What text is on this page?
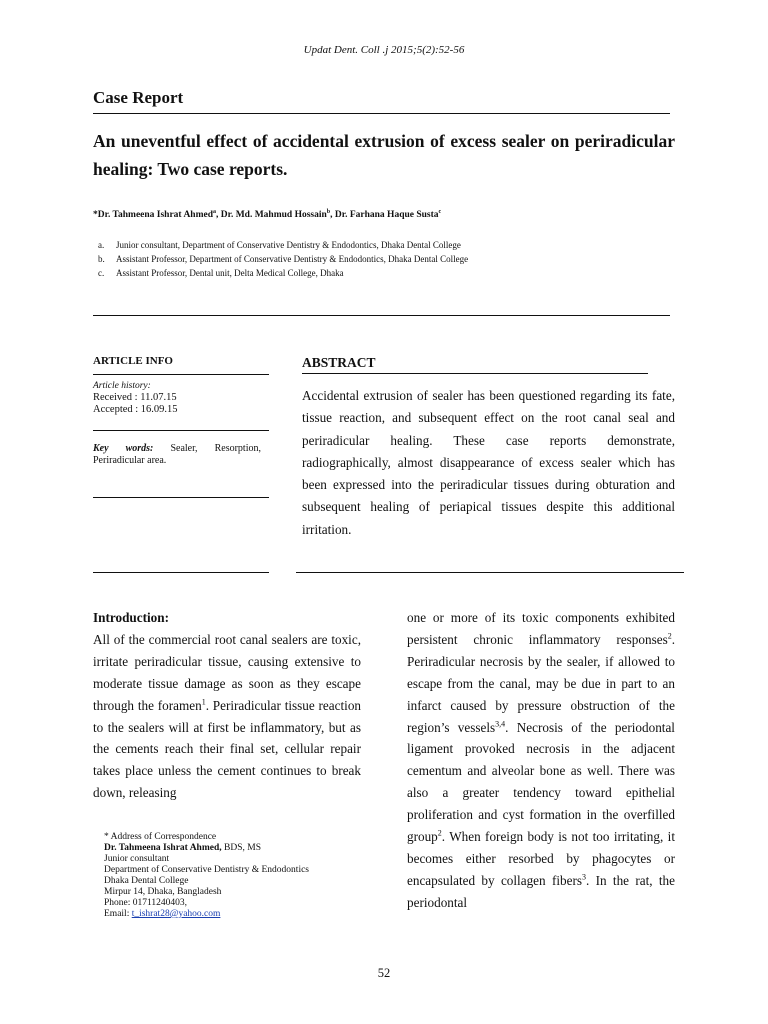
Updat Dent. Coll .j 2015;5(2):52-56
Case Report
An uneventful effect of accidental extrusion of excess sealer on periradicular healing: Two case reports.
*Dr. Tahmeena Ishrat Ahmed$^a$, Dr. Md. Mahmud Hossain$^b$, Dr. Farhana Haque Susta$^c$
a.	Junior consultant, Department of Conservative Dentistry & Endodontics, Dhaka Dental College
b.	Assistant Professor, Department of Conservative Dentistry & Endodontics, Dhaka Dental College
c.	Assistant Professor, Dental unit, Delta Medical College, Dhaka
ARTICLE INFO
Article history:
Received : 11.07.15
Accepted : 16.09.15
Key words: Sealer, Resorption, Periradicular area.
ABSTRACT

Accidental extrusion of sealer has been questioned regarding its fate, tissue reaction, and subsequent effect on the root canal seal and periradicular healing. These case reports demonstrate, radiographically, almost disappearance of excess sealer which has been expressed into the periradicular tissues during obturation and subsequent healing of periapical tissues despite this additional irritation.

Introduction:
All of the commercial root canal sealers are toxic, irritate periradicular tissue, causing extensive to moderate tissue damage as soon as they escape through the foramen$^1$. Periradicular tissue reaction to the sealers will at first be inflammatory, but as the cements reach their final set, cellular repair takes place unless the cement continues to break down, releasing
one or more of its toxic components exhibited persistent chronic inflammatory responses$^2$. Periradicular necrosis by the sealer, if allowed to escape from the canal, may be due in part to an infarct caused by pressure obstruction of the region’s vessels$^{3,4}$. Necrosis of the periodontal ligament provoked necrosis in the adjacent cementum and alveolar bone as well. There was also a greater tendency toward epithelial proliferation and cyst formation in the overfilled group$^2$. When foreign body is not too irritating, it becomes either resorbed by phagocytes or encapsulated by collagen fibers$^3$. In the rat, the periodontal
* Address of Correspondence
Dr. Tahmeena Ishrat Ahmed, BDS, MS
Junior consultant
Department of Conservative Dentistry & Endodontics
Dhaka Dental College
Mirpur 14, Dhaka, Bangladesh
Phone: 01711240403,
Email: t_ishrat28@yahoo.com
52
